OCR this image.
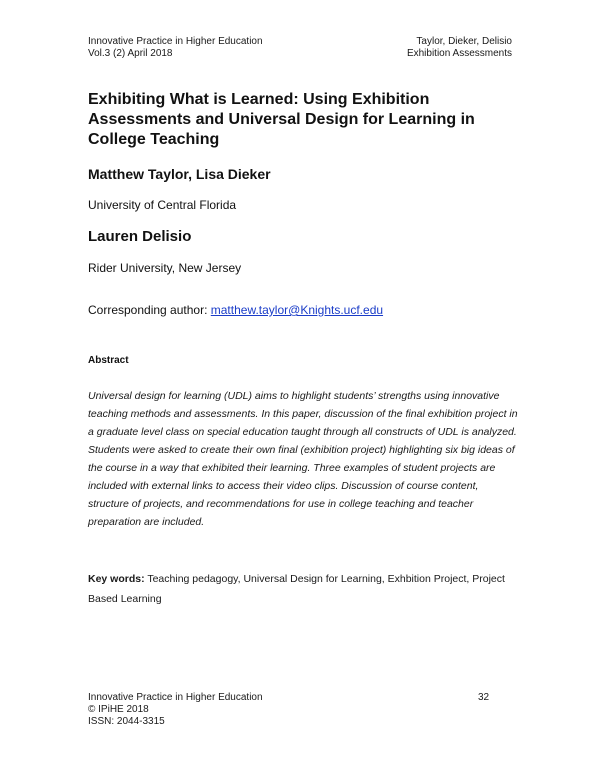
Innovative Practice in Higher Education
Vol.3 (2) April 2018
Taylor, Dieker, Delisio
Exhibition Assessments
Exhibiting What is Learned: Using Exhibition Assessments and Universal Design for Learning in College Teaching
Matthew Taylor, Lisa Dieker
University of Central Florida
Lauren Delisio
Rider University, New Jersey
Corresponding author: matthew.taylor@Knights.ucf.edu
Abstract
Universal design for learning (UDL) aims to highlight students’ strengths using innovative teaching methods and assessments. In this paper, discussion of the final exhibition project in a graduate level class on special education taught through all constructs of UDL is analyzed. Students were asked to create their own final (exhibition project) highlighting six big ideas of the course in a way that exhibited their learning. Three examples of student projects are included with external links to access their video clips. Discussion of course content, structure of projects, and recommendations for use in college teaching and teacher preparation are included.
Key words: Teaching pedagogy, Universal Design for Learning, Exhbition Project, Project Based Learning
Innovative Practice in Higher Education
© IPiHE 2018
ISSN: 2044-3315
32
